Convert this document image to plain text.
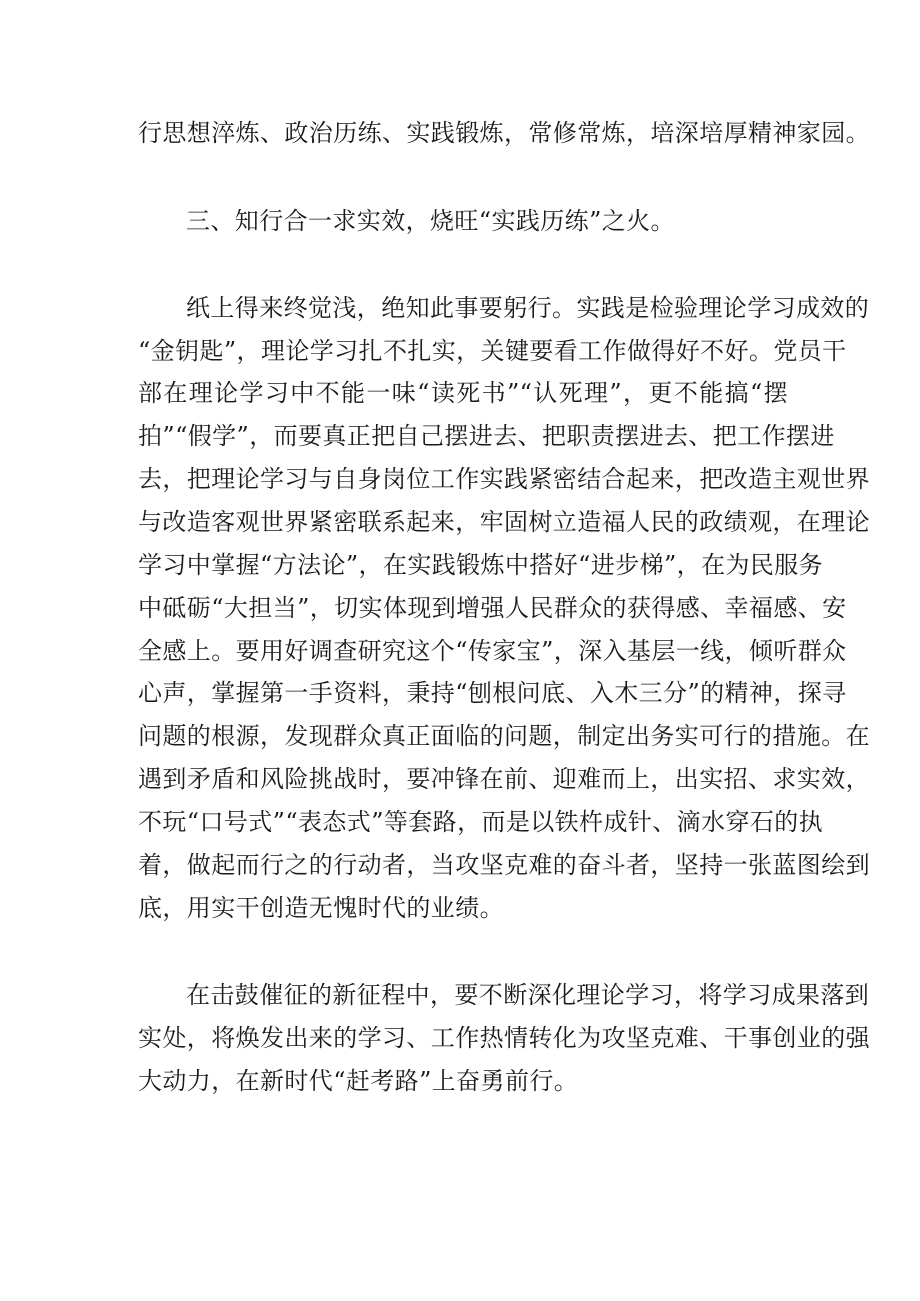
行思想淬炼、政治历练、实践锻炼，常修常炼，培深培厚精神家园。
三、知行合一求实效，烧旺“实践历练”之火。
纸上得来终觉浅，绝知此事要躬行。实践是检验理论学习成效的
“金钥匙”，理论学习扎不扎实，关键要看工作做得好不好。党员干
部在理论学习中不能一味“读死书”“认死理”，更不能搞“摆
拍”“假学”，而要真正把自己摆进去、把职责摆进去、把工作摆进
去，把理论学习与自身岗位工作实践紧密结合起来，把改造主观世界
与改造客观世界紧密联系起来，牢固树立造福人民的政绩观，在理论
学习中掌握“方法论”，在实践锻炼中搭好“进步梯”，在为民服务
中砥砺“大担当”，切实体现到增强人民群众的获得感、幸福感、安
全感上。要用好调查研究这个“传家宝”，深入基层一线，倾听群众
心声，掌握第一手资料，秉持“刨根问底、入木三分”的精神，探寻
问题的根源，发现群众真正面临的问题，制定出务实可行的措施。在
遇到矛盾和风险挑战时，要冲锋在前、迎难而上，出实招、求实效，
不玩“口号式”“表态式”等套路，而是以铁杵成针、滴水穿石的执
着，做起而行之的行动者，当攻坚克难的奋斗者，坚持一张蓝图绘到
底，用实干创造无愧时代的业绩。
在击鼓催征的新征程中，要不断深化理论学习，将学习成果落到
实处，将焕发出来的学习、工作热情转化为攻坚克难、干事创业的强
大动力，在新时代“赶考路”上奋勇前行。
